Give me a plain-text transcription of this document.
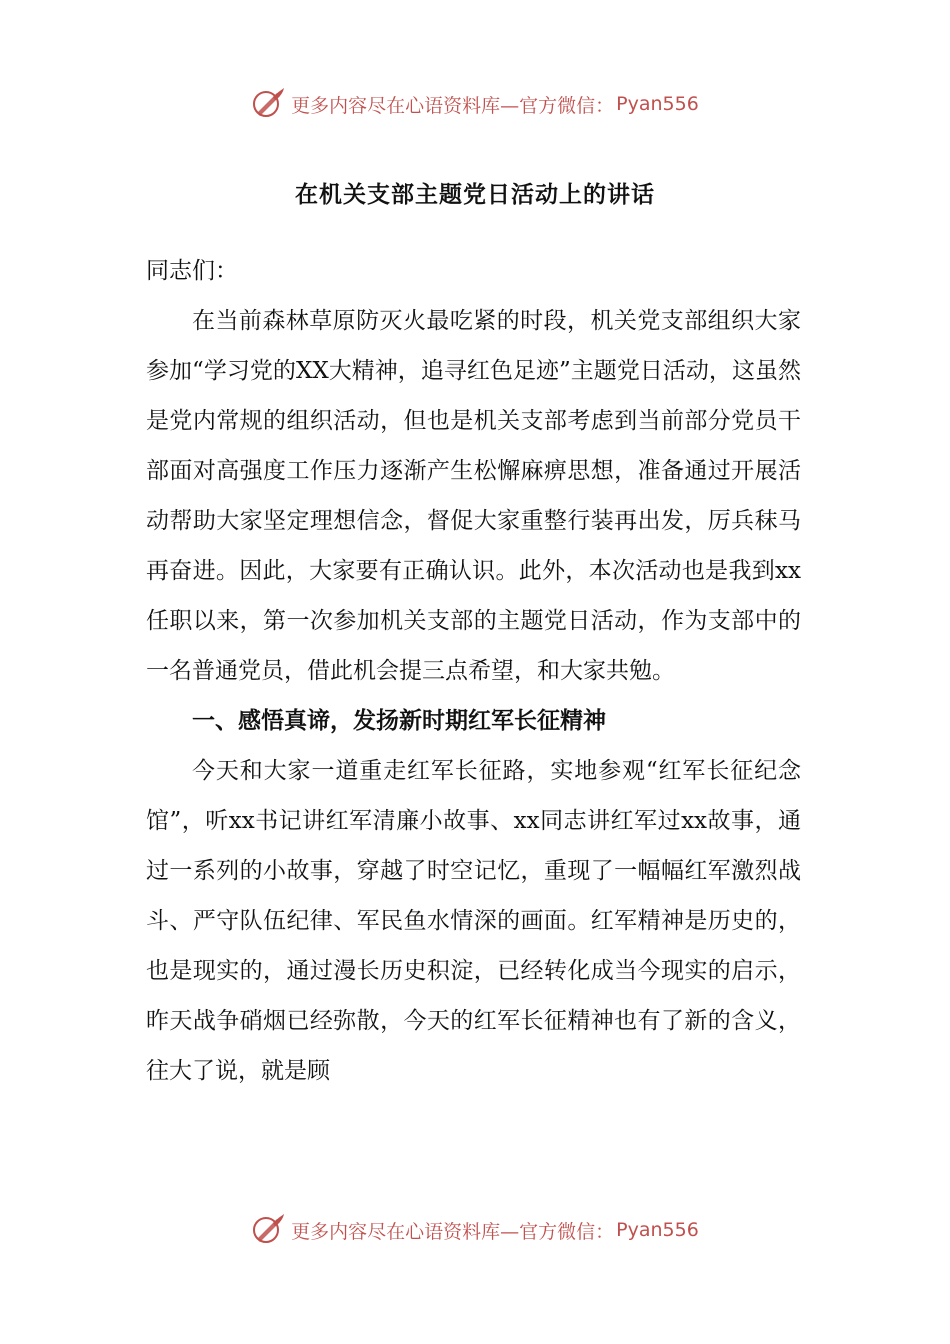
更多内容尽在心语资料库—官方微信： Pyan556
在机关支部主题党日活动上的讲话

同志们：

在当前森林草原防灭火最吃紧的时段，机关党支部组织大家参加“学习党的XX大精神，追寻红色足迹”主题党日活动，这虽然是党内常规的组织活动，但也是机关支部考虑到当前部分党员干部面对高强度工作压力逐渐产生松懈麻痹思想，准备通过开展活动帮助大家坚定理想信念，督促大家重整行装再出发，厉兵秣马再奋进。因此，大家要有正确认识。此外，本次活动也是我到xx任职以来，第一次参加机关支部的主题党日活动，作为支部中的一名普通党员，借此机会提三点希望，和大家共勉。

一、感悟真谛，发扬新时期红军长征精神

今天和大家一道重走红军长征路，实地参观“红军长征纪念馆”，听xx书记讲红军清廉小故事、xx同志讲红军过xx故事，通过一系列的小故事，穿越了时空记忆，重现了一幅幅红军激烈战斗、严守队伍纪律、军民鱼水情深的画面。红军精神是历史的，也是现实的，通过漫长历史积淀，已经转化成当今现实的启示，昨天战争硝烟已经弥散，今天的红军长征精神也有了新的含义，往大了说，就是顾

更多内容尽在心语资料库—官方微信： Pyan556
